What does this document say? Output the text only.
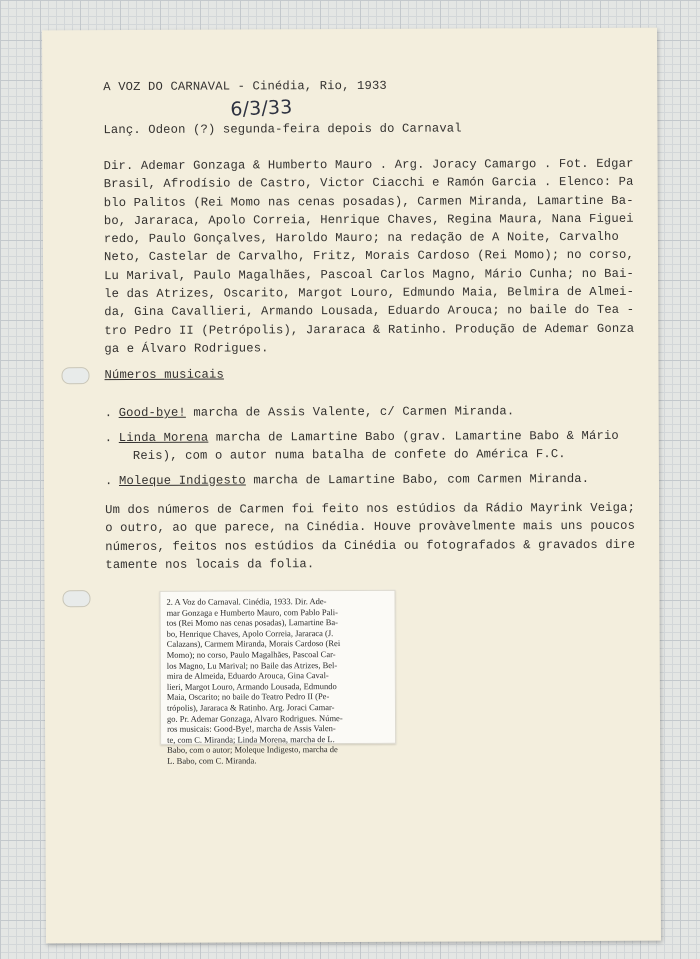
A VOZ DO CARNAVAL - Cinédia, Rio, 1933

6/3/33

Lanç. Odeon (?) segunda-feira depois do Carnaval

Dir. Ademar Gonzaga & Humberto Mauro . Arg. Joracy Camargo . Fot. Edgar
Brasil, Afrodísio de Castro, Victor Ciacchi e Ramón Garcia . Elenco: Pa
blo Palitos (Rei Momo nas cenas posadas), Carmen Miranda, Lamartine Ba-
bo, Jararaca, Apolo Correia, Henrique Chaves, Regina Maura, Nana Figuei
redo, Paulo Gonçalves, Haroldo Mauro; na redação de A Noite, Carvalho
Neto, Castelar de Carvalho, Fritz, Morais Cardoso (Rei Momo); no corso,
Lu Marival, Paulo Magalhães, Pascoal Carlos Magno, Mário Cunha; no Bai-
le das Atrizes, Oscarito, Margot Louro, Edmundo Maia, Belmira de Almei-
da, Gina Cavallieri, Armando Lousada, Eduardo Arouca; no baile do Tea -
tro Pedro II (Petrópolis), Jararaca & Ratinho. Produção de Ademar Gonza
ga e Álvaro Rodrigues.

Números musicais

. Good-bye! marcha de Assis Valente, c/ Carmen Miranda.
. Linda Morena marcha de Lamartine Babo (grav. Lamartine Babo & Mário
Reis), com o autor numa batalha de confete do América F.C.
. Moleque Indigesto marcha de Lamartine Babo, com Carmen Miranda.
Um dos números de Carmen foi feito nos estúdios da Rádio Mayrink Veiga;
o outro, ao que parece, na Cinédia. Houve provàvelmente mais uns poucos
números, feitos nos estúdios da Cinédia ou fotografados & gravados dire
tamente nos locais da folia.
2. A Voz do Carnaval. Cinédia, 1933. Dir. Ade-
mar Gonzaga e Humberto Mauro, com Pablo Pali-
tos (Rei Momo nas cenas posadas), Lamartine Ba-
bo, Henrique Chaves, Apolo Correia, Jararaca (J.
Calazans), Carmem Miranda, Morais Cardoso (Rei
Momo); no corso, Paulo Magalhães, Pascoal Car-
los Magno, Lu Marival; no Baile das Atrizes, Bel-
mira de Almeida, Eduardo Arouca, Gina Caval-
lieri, Margot Louro, Armando Lousada, Edmundo
Maia, Oscarito; no baile do Teatro Pedro II (Pe-
trópolis), Jararaca & Ratinho. Arg. Joraci Camar-
go. Pr. Ademar Gonzaga, Alvaro Rodrigues. Núme-
ros musicais: Good-Bye!, marcha de Assis Valen-
te, com C. Miranda; Linda Morena, marcha de L.
Babo, com o autor; Moleque Indigesto, marcha de
L. Babo, com C. Miranda.
